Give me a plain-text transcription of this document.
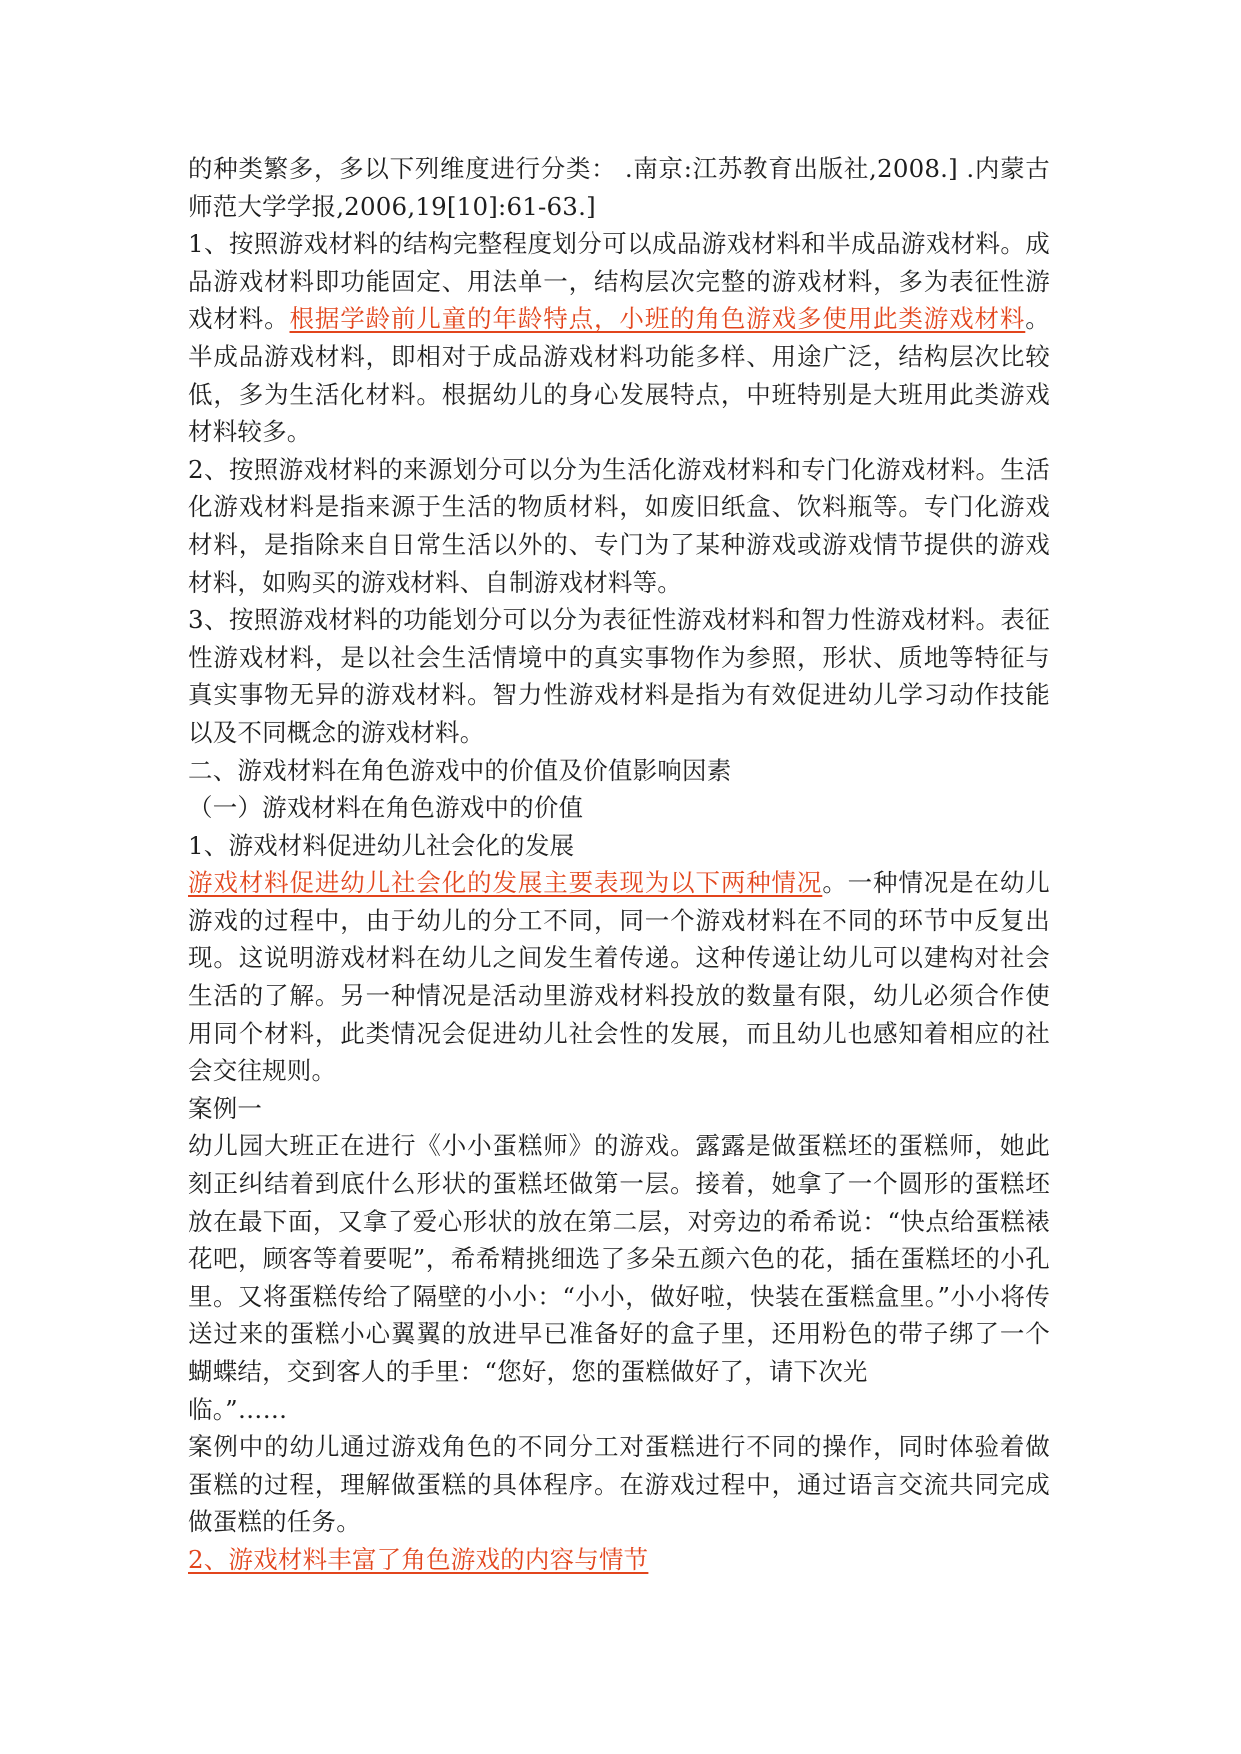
的种类繁多，多以下列维度进行分类： .南京:江苏教育出版社,2008.] .内蒙古师范大学学报,2006,19[10]:61-63.]

1、按照游戏材料的结构完整程度划分可以成品游戏材料和半成品游戏材料。成品游戏材料即功能固定、用法单一，结构层次完整的游戏材料，多为表征性游戏材料。根据学龄前儿童的年龄特点，小班的角色游戏多使用此类游戏材料。半成品游戏材料，即相对于成品游戏材料功能多样、用途广泛，结构层次比较低，多为生活化材料。根据幼儿的身心发展特点，中班特别是大班用此类游戏材料较多。

2、按照游戏材料的来源划分可以分为生活化游戏材料和专门化游戏材料。生活化游戏材料是指来源于生活的物质材料，如废旧纸盒、饮料瓶等。专门化游戏材料，是指除来自日常生活以外的、专门为了某种游戏或游戏情节提供的游戏材料，如购买的游戏材料、自制游戏材料等。

3、按照游戏材料的功能划分可以分为表征性游戏材料和智力性游戏材料。表征性游戏材料，是以社会生活情境中的真实事物作为参照，形状、质地等特征与真实事物无异的游戏材料。智力性游戏材料是指为有效促进幼儿学习动作技能以及不同概念的游戏材料。

二、游戏材料在角色游戏中的价值及价值影响因素

（一）游戏材料在角色游戏中的价值

1、游戏材料促进幼儿社会化的发展

游戏材料促进幼儿社会化的发展主要表现为以下两种情况。一种情况是在幼儿游戏的过程中，由于幼儿的分工不同，同一个游戏材料在不同的环节中反复出现。这说明游戏材料在幼儿之间发生着传递。这种传递让幼儿可以建构对社会生活的了解。另一种情况是活动里游戏材料投放的数量有限，幼儿必须合作使用同个材料，此类情况会促进幼儿社会性的发展，而且幼儿也感知着相应的社会交往规则。

案例一

幼儿园大班正在进行《小小蛋糕师》的游戏。露露是做蛋糕坯的蛋糕师，她此刻正纠结着到底什么形状的蛋糕坯做第一层。接着，她拿了一个圆形的蛋糕坯放在最下面，又拿了爱心形状的放在第二层，对旁边的希希说：“快点给蛋糕裱花吧，顾客等着要呢”，希希精挑细选了多朵五颜六色的花，插在蛋糕坯的小孔里。又将蛋糕传给了隔壁的小小：“小小，做好啦，快装在蛋糕盒里。”小小将传送过来的蛋糕小心翼翼的放进早已准备好的盒子里，还用粉色的带子绑了一个蝴蝶结，交到客人的手里：“您好，您的蛋糕做好了，请下次光

临。”……

案例中的幼儿通过游戏角色的不同分工对蛋糕进行不同的操作，同时体验着做蛋糕的过程，理解做蛋糕的具体程序。在游戏过程中，通过语言交流共同完成做蛋糕的任务。

2、游戏材料丰富了角色游戏的内容与情节
